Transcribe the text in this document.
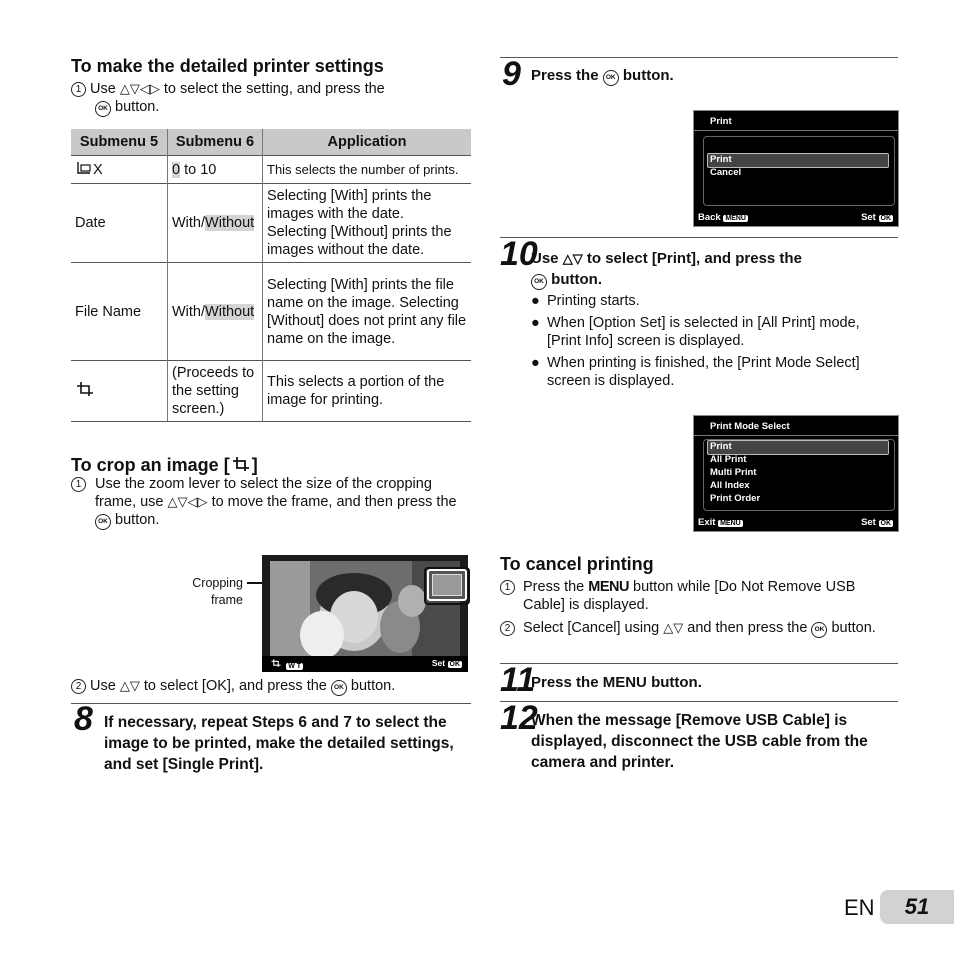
To make the detailed printer settings
1 Use △▽◁▷ to select the setting, and press the
OK button.
Submenu 5	Submenu 6	Application
X	0 to 10	This selects the number of prints.
Date	With/Without	Selecting [With] prints the images with the date. Selecting [Without] prints the images without the date.
File Name	With/Without	Selecting [With] prints the file name on the image. Selecting [Without] does not print any file name on the image.
	(Proceeds to the setting screen.)	This selects a portion of the image for printing.
To crop an image [ ]
1 Use the zoom lever to select the size of the cropping frame, use △▽◁▷ to move the frame, and then press the OK button.
Cropping
frame
W T	Set OK
2 Use △▽ to select [OK], and press the OK button.
8 If necessary, repeat Steps 6 and 7 to select the image to be printed, make the detailed settings, and set [Single Print].
9 Press the OK button.
Print
Print
Cancel
Back MENU	Set OK
10
Use △▽ to select [Print], and press the
OK button.
● Printing starts.
● When [Option Set] is selected in [All Print] mode, [Print Info] screen is displayed.
● When printing is finished, the [Print Mode Select] screen is displayed.
Print Mode Select
Print
All Print
Multi Print
All Index
Print Order
Exit MENU	Set OK
To cancel printing
1 Press the MENU button while [Do Not Remove USB Cable] is displayed.
2 Select [Cancel] using △▽ and then press the OK button.
11
Press the MENU button.
12
When the message [Remove USB Cable] is displayed, disconnect the USB cable from the camera and printer.
EN	51
